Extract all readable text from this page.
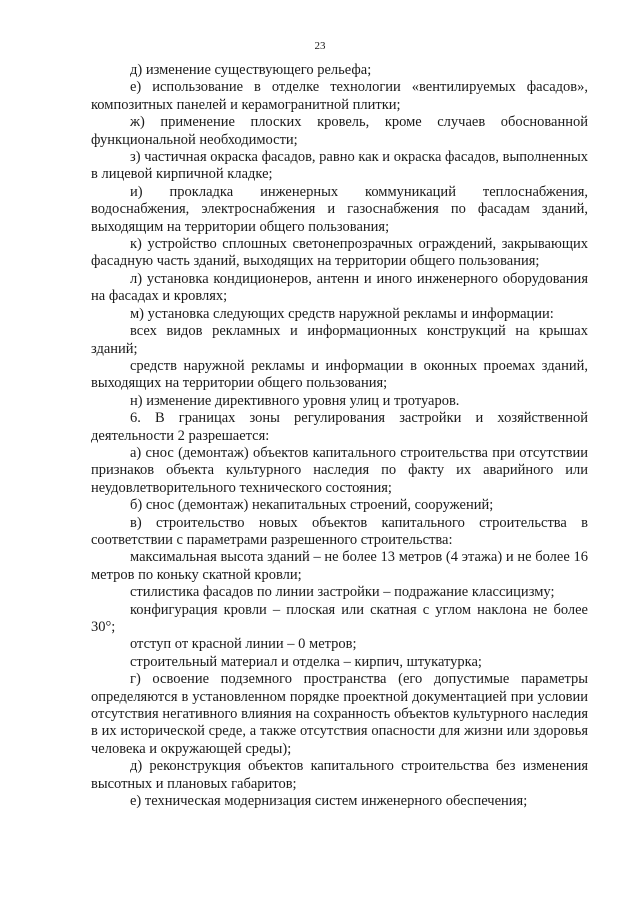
23

д) изменение существующего рельефа;

е) использование в отделке технологии «вентилируемых фасадов», композитных панелей и керамогранитной плитки;

ж) применение плоских кровель, кроме случаев обоснованной функциональной необходимости;

з) частичная окраска фасадов, равно как и окраска фасадов, выполненных в лицевой кирпичной кладке;

и) прокладка инженерных коммуникаций теплоснабжения, водоснабжения, электроснабжения и газоснабжения по фасадам зданий, выходящим на территории общего пользования;

к) устройство сплошных светонепрозрачных ограждений, закрывающих фасадную часть зданий, выходящих на территории общего пользования;

л) установка кондиционеров, антенн и иного инженерного оборудования на фасадах и кровлях;

м) установка следующих средств наружной рекламы и информации:

всех видов рекламных и информационных конструкций на крышах зданий;

средств наружной рекламы и информации в оконных проемах зданий, выходящих на территории общего пользования;

н) изменение директивного уровня улиц и тротуаров.

6. В границах зоны регулирования застройки и хозяйственной деятельности 2 разрешается:

а) снос (демонтаж) объектов капитального строительства при отсутствии признаков объекта культурного наследия по факту их аварийного или неудовлетворительного технического состояния;

б) снос (демонтаж) некапитальных строений, сооружений;

в) строительство новых объектов капитального строительства в соответствии с параметрами разрешенного строительства:

максимальная высота зданий – не более 13 метров (4 этажа) и не более 16 метров по коньку скатной кровли;

стилистика фасадов по линии застройки – подражание классицизму;

конфигурация кровли – плоская или скатная с углом наклона не более 30°;

отступ от красной линии – 0 метров;

строительный материал и отделка – кирпич, штукатурка;

г) освоение подземного пространства (его допустимые параметры определяются в установленном порядке проектной документацией при условии отсутствия негативного влияния на сохранность объектов культурного наследия в их исторической среде, а также отсутствия опасности для жизни или здоровья человека и окружающей среды);

д) реконструкция объектов капитального строительства без изменения высотных и плановых габаритов;

е) техническая модернизация систем инженерного обеспечения;
